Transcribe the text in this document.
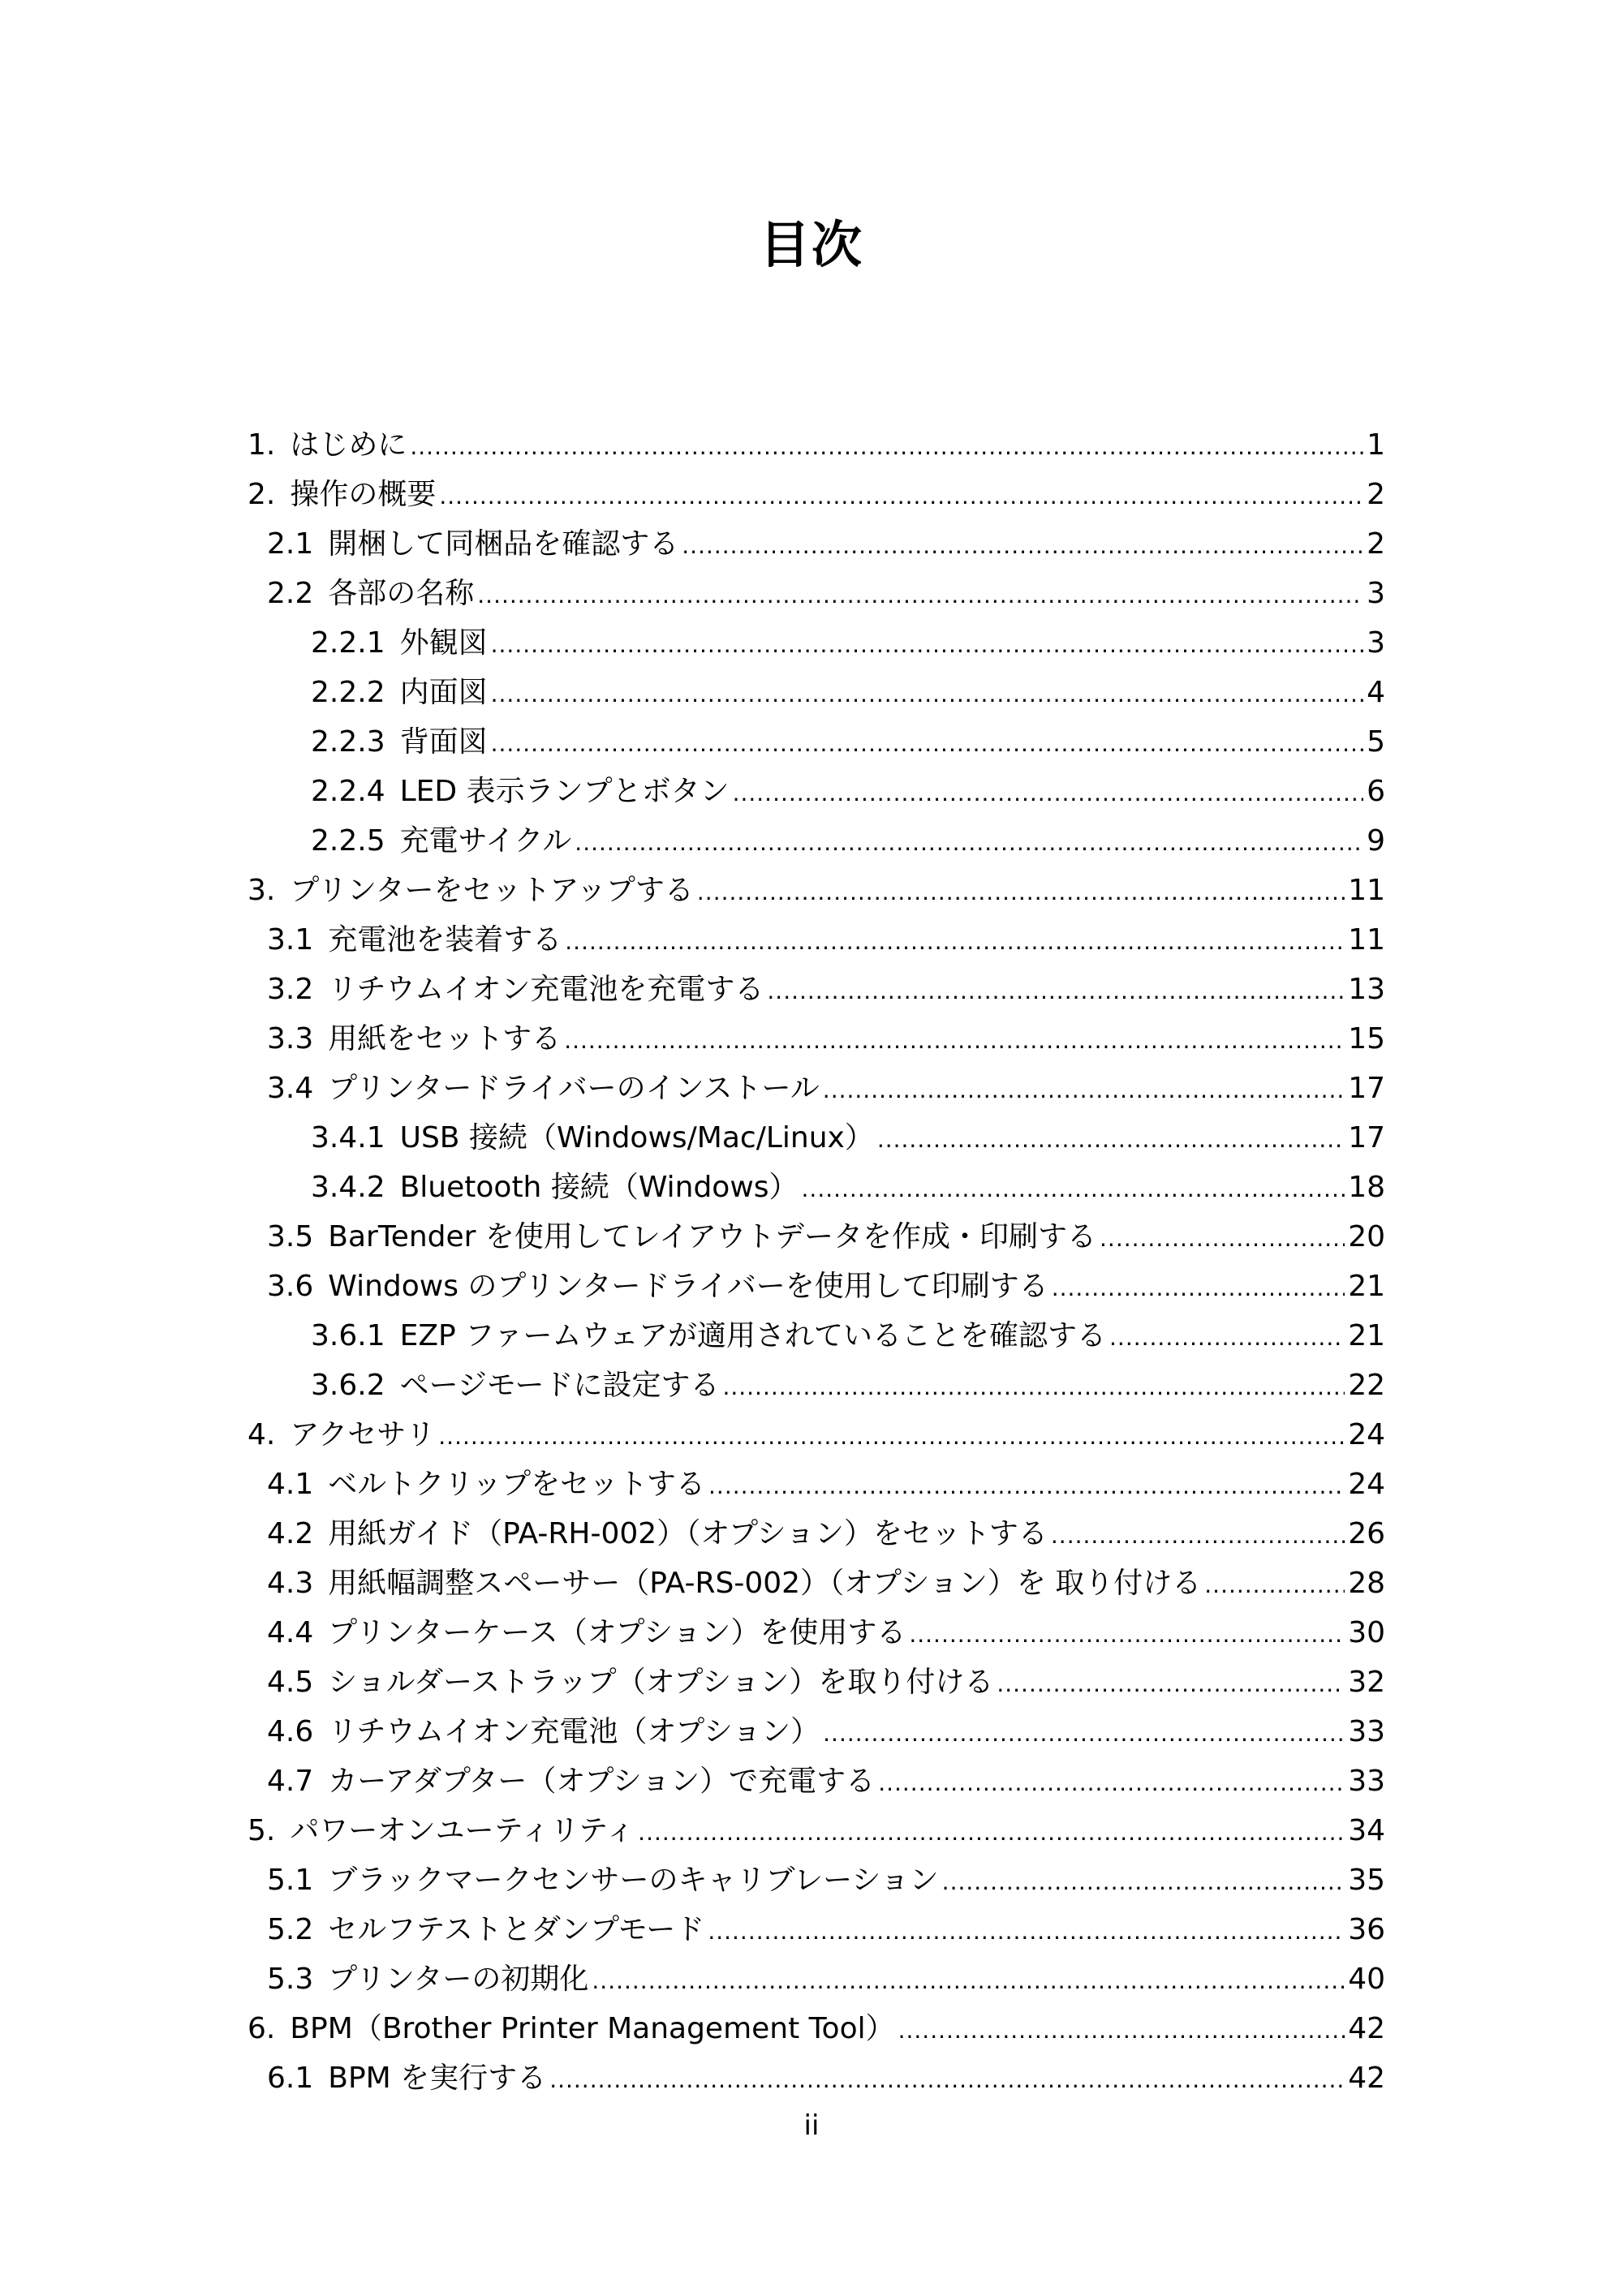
目次
1. はじめに .....	1
2. 操作の概要 .....	2
2.1 開梱して同梱品を確認する .....	2
2.2 各部の名称 .....	3
2.2.1 外観図 .....	3
2.2.2 内面図 .....	4
2.2.3 背面図 .....	5
2.2.4 LED 表示ランプとボタン .....	6
2.2.5 充電サイクル .....	9
3. プリンターをセットアップする .....	11
3.1 充電池を装着する .....	11
3.2 リチウムイオン充電池を充電する .....	13
3.3 用紙をセットする .....	15
3.4 プリンタードライバーのインストール .....	17
3.4.1 USB 接続（Windows/Mac/Linux） .....	17
3.4.2 Bluetooth 接続（Windows） .....	18
3.5 BarTender を使用してレイアウトデータを作成・印刷する .....	20
3.6 Windows のプリンタードライバーを使用して印刷する .....	21
3.6.1 EZP ファームウェアが適用されていることを確認する .....	21
3.6.2 ページモードに設定する .....	22
4. アクセサリ .....	24
4.1 ベルトクリップをセットする .....	24
4.2 用紙ガイド（PA-RH-002）（オプション）をセットする .....	26
4.3 用紙幅調整スペーサー（PA-RS-002）（オプション）を 取り付ける .....	28
4.4 プリンターケース（オプション）を使用する .....	30
4.5 ショルダーストラップ（オプション）を取り付ける .....	32
4.6 リチウムイオン充電池（オプション） .....	33
4.7 カーアダプター（オプション）で充電する .....	33
5. パワーオンユーティリティ .....	34
5.1 ブラックマークセンサーのキャリブレーション .....	35
5.2 セルフテストとダンプモード .....	36
5.3 プリンターの初期化 .....	40
6. BPM（Brother Printer Management Tool） .....	42
6.1 BPM を実行する .....	42
ii
